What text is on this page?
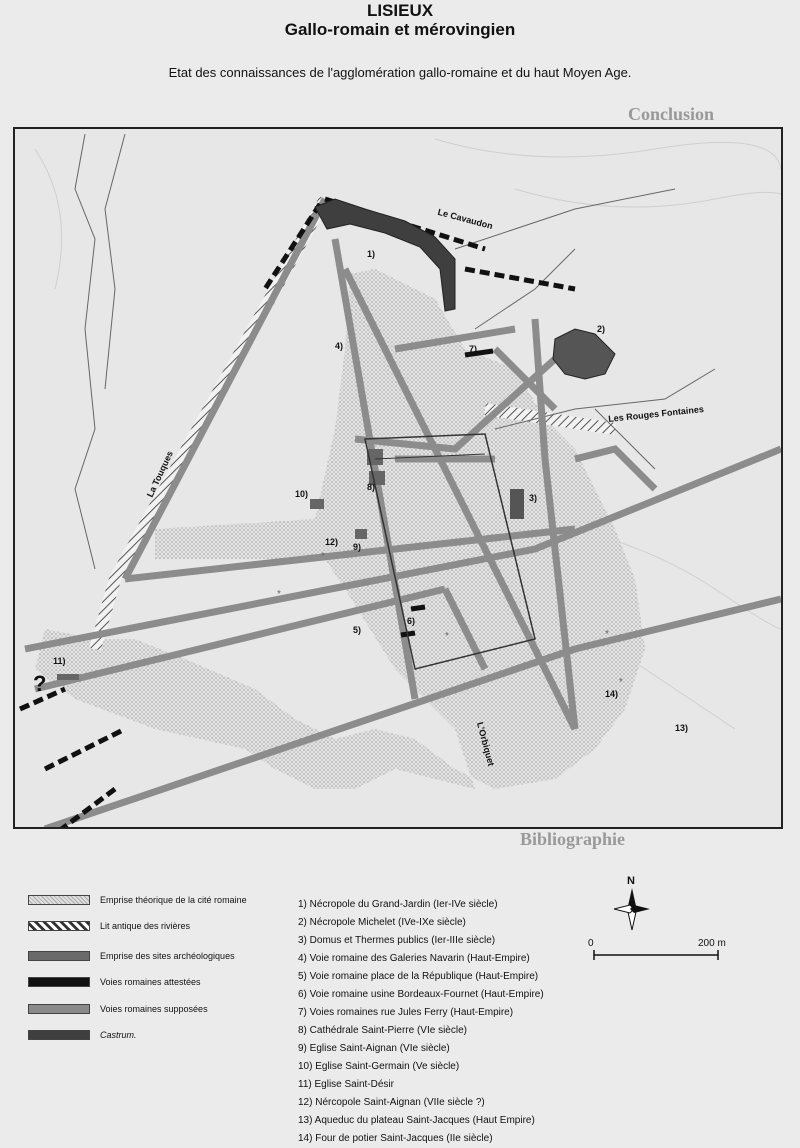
LISIEUX
Gallo-romain et mérovingien
Etat des connaissances de l'agglomération gallo-romaine et du haut Moyen Age.
Conclusion
*
*
*	*
*
Le Cavaudon
Les Rouges Fontaines
La Touques
L'Orbiquet
1)
2)
3)
4)
5)
6)
7)
8)
9)
10)
11)
12)
13)
14)
?
Bibliographie
Emprise théorique de la cité romaine
Lit antique des rivières
Emprise des sites archéologiques
Voies romaines attestées
Voies romaines supposées
Castrum.
1) Nécropole du Grand-Jardin (Ier-IVe siècle)
2) Nécropole Michelet (IVe-IXe siècle)
3) Domus et Thermes publics (Ier-IIIe siècle)
4) Voie romaine des Galeries Navarin (Haut-Empire)
5) Voie romaine place de la République (Haut-Empire)
6) Voie romaine usine Bordeaux-Fournet (Haut-Empire)
7) Voies romaines rue Jules Ferry (Haut-Empire)
8) Cathédrale Saint-Pierre (VIe siècle)
9) Eglise Saint-Aignan (VIe siècle)
10) Eglise Saint-Germain (Ve siècle)
11) Eglise Saint-Désir
12) Nércopole Saint-Aignan (VIIe siècle ?)
13) Aqueduc du plateau Saint-Jacques (Haut Empire)
14) Four de potier Saint-Jacques (IIe siècle)
N
0	200 m
